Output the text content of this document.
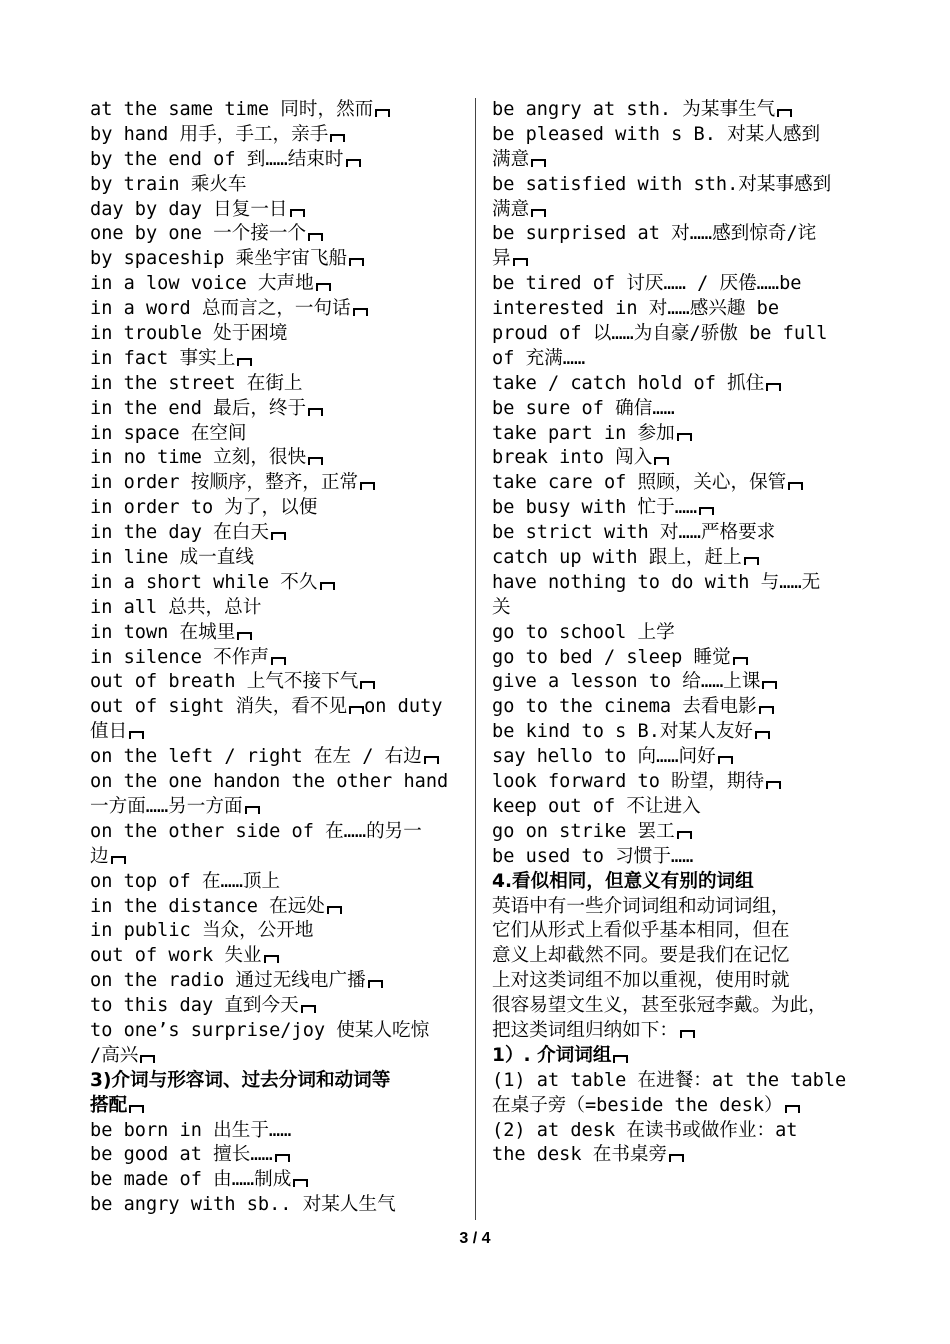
at the same time 同时，然而
by hand 用手，手工，亲手
by the end of 到……结束时
by train 乘火车
day by day 日复一日
one by one 一个接一个
by spaceship 乘坐宇宙飞船
in a low voice 大声地
in a word 总而言之，一句话
in trouble 处于困境
in fact 事实上
in the street 在街上
in the end 最后，终于
in space 在空间
in no time 立刻，很快
in order 按顺序，整齐，正常
in order to 为了，以便
in the day 在白天
in line 成一直线
in a short while 不久
in all 总共，总计
in town 在城里
in silence 不作声
out of breath 上气不接下气
out of sight 消失，看不见 on duty
值日
on the left / right 在左 / 右边
on the one handon the other hand
一方面……另一方面
on the other side of 在……的另一
边
on top of 在……顶上
in the distance 在远处
in public 当众，公开地
out of work 失业
on the radio 通过无线电广播
to this day 直到今天
to one’s surprise/joy 使某人吃惊
/高兴
3)介词与形容词、过去分词和动词等
搭配
be born in 出生于……
be good at 擅长……
be made of 由……制成
be angry with sb.. 对某人生气
be angry at sth. 为某事生气
be pleased with s B. 对某人感到
满意
be satisfied with sth.对某事感到
满意
be surprised at 对……感到惊奇/诧
异
be tired of 讨厌…… / 厌倦……be
interested in 对……感兴趣 be
proud of 以……为自豪/骄傲 be full
of 充满……
take / catch hold of 抓住
be sure of 确信……
take part in 参加
break into 闯入
take care of 照顾，关心，保管
be busy with 忙于……
be strict with 对……严格要求
catch up with 跟上，赶上
have nothing to do with 与……无
关
go to school 上学
go to bed / sleep 睡觉
give a lesson to 给……上课
go to the cinema 去看电影
be kind to s B.对某人友好
say hello to 向……问好
look forward to 盼望，期待
keep out of 不让进入
go on strike 罢工
be used to 习惯于……
4.看似相同，但意义有别的词组
英语中有一些介词词组和动词词组，
它们从形式上看似乎基本相同，但在
意义上却截然不同。要是我们在记忆
上对这类词组不加以重视，使用时就
很容易望文生义，甚至张冠李戴。为此，
把这类词组归纳如下：
1）. 介词词组
(1) at table 在进餐：at the table
在桌子旁（=beside the desk）
(2) at desk 在读书或做作业：at
the desk 在书桌旁
3 / 4
